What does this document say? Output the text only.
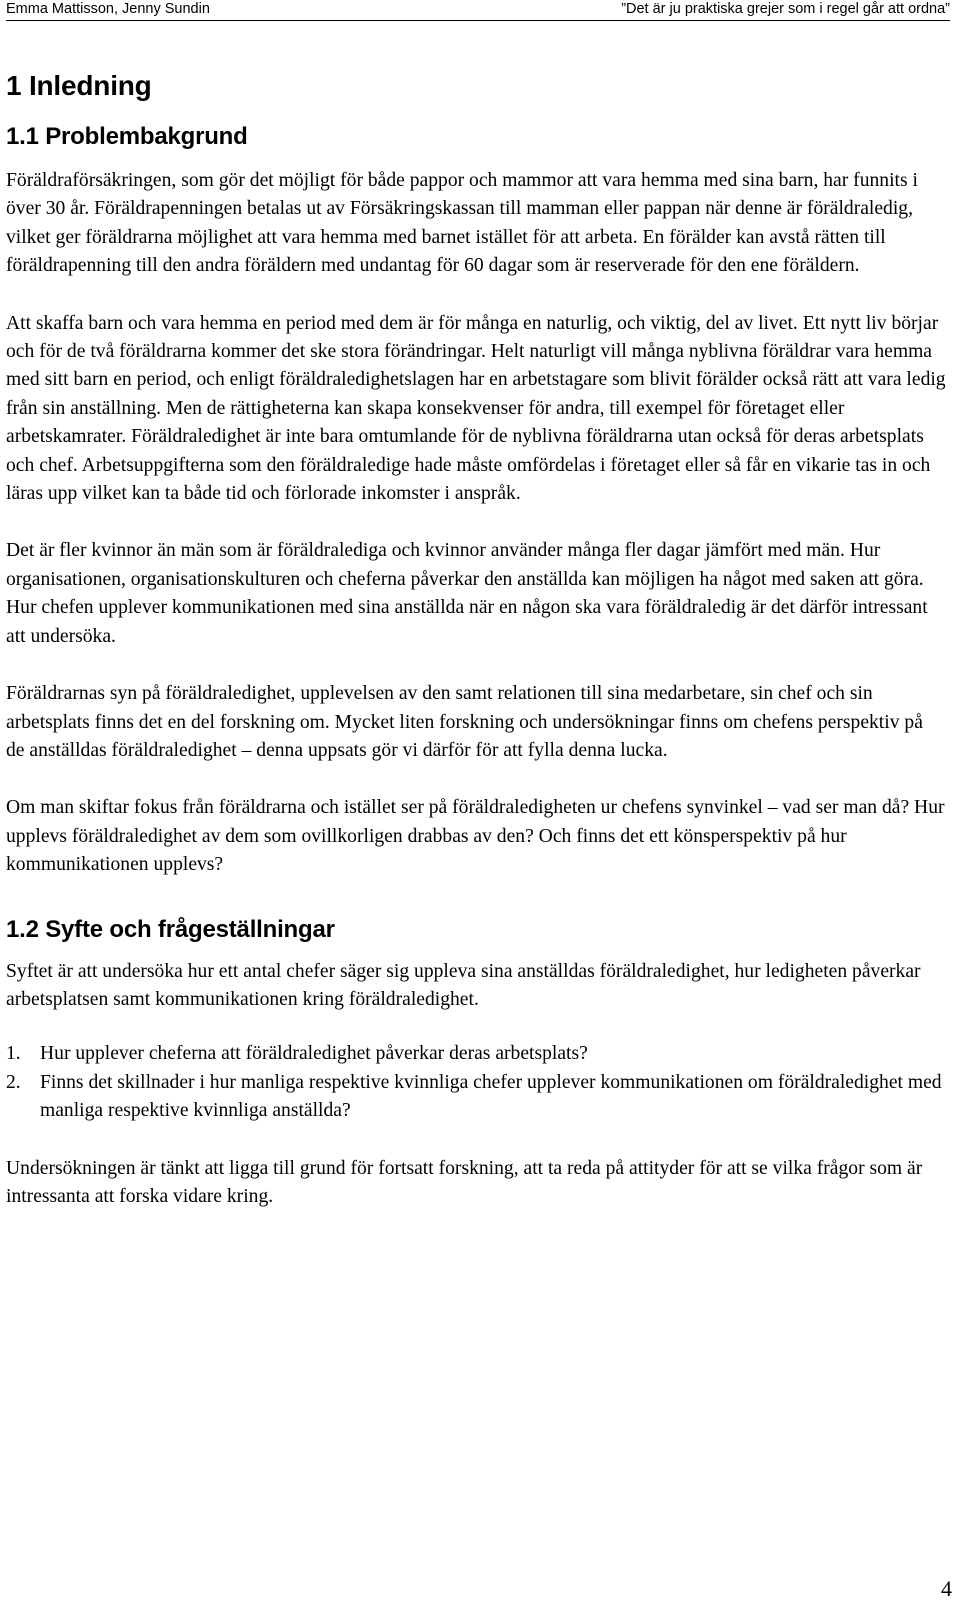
Emma Mattisson, Jenny Sundin	”Det är ju praktiska grejer som i regel går att ordna”
1 Inledning
1.1 Problembakgrund

Föräldraförsäkringen, som gör det möjligt för både pappor och mammor att vara hemma med sina barn, har funnits i över 30 år. Föräldrapenningen betalas ut av Försäkringskassan till mamman eller pappan när denne är föräldraledig, vilket ger föräldrarna möjlighet att vara hemma med barnet istället för att arbeta. En förälder kan avstå rätten till föräldrapenning till den andra föräldern med undantag för 60 dagar som är reserverade för den ene föräldern.

Att skaffa barn och vara hemma en period med dem är för många en naturlig, och viktig, del av livet. Ett nytt liv börjar och för de två föräldrarna kommer det ske stora förändringar. Helt naturligt vill många nyblivna föräldrar vara hemma med sitt barn en period, och enligt föräldraledighetslagen har en arbetstagare som blivit förälder också rätt att vara ledig från sin anställning. Men de rättigheterna kan skapa konsekvenser för andra, till exempel för företaget eller arbetskamrater. Föräldraledighet är inte bara omtumlande för de nyblivna föräldrarna utan också för deras arbetsplats och chef. Arbetsuppgifterna som den föräldraledige hade måste omfördelas i företaget eller så får en vikarie tas in och läras upp vilket kan ta både tid och förlorade inkomster i anspråk.

Det är fler kvinnor än män som är föräldralediga och kvinnor använder många fler dagar jämfört med män. Hur organisationen, organisationskulturen och cheferna påverkar den anställda kan möjligen ha något med saken att göra. Hur chefen upplever kommunikationen med sina anställda när en någon ska vara föräldraledig är det därför intressant att undersöka.

Föräldrarnas syn på föräldraledighet, upplevelsen av den samt relationen till sina medarbetare, sin chef och sin arbetsplats finns det en del forskning om. Mycket liten forskning och undersökningar finns om chefens perspektiv på de anställdas föräldraledighet – denna uppsats gör vi därför för att fylla denna lucka.

Om man skiftar fokus från föräldrarna och istället ser på föräldraledigheten ur chefens synvinkel – vad ser man då? Hur upplevs föräldraledighet av dem som ovillkorligen drabbas av den? Och finns det ett könsperspektiv på hur kommunikationen upplevs?

1.2 Syfte och frågeställningar

Syftet är att undersöka hur ett antal chefer säger sig uppleva sina anställdas föräldraledighet, hur ledigheten påverkar arbetsplatsen samt kommunikationen kring föräldraledighet.

1. Hur upplever cheferna att föräldraledighet påverkar deras arbetsplats?
2. Finns det skillnader i hur manliga respektive kvinnliga chefer upplever kommunikationen om föräldraledighet med manliga respektive kvinnliga anställda?

Undersökningen är tänkt att ligga till grund för fortsatt forskning, att ta reda på attityder för att se vilka frågor som är intressanta att forska vidare kring.

4
